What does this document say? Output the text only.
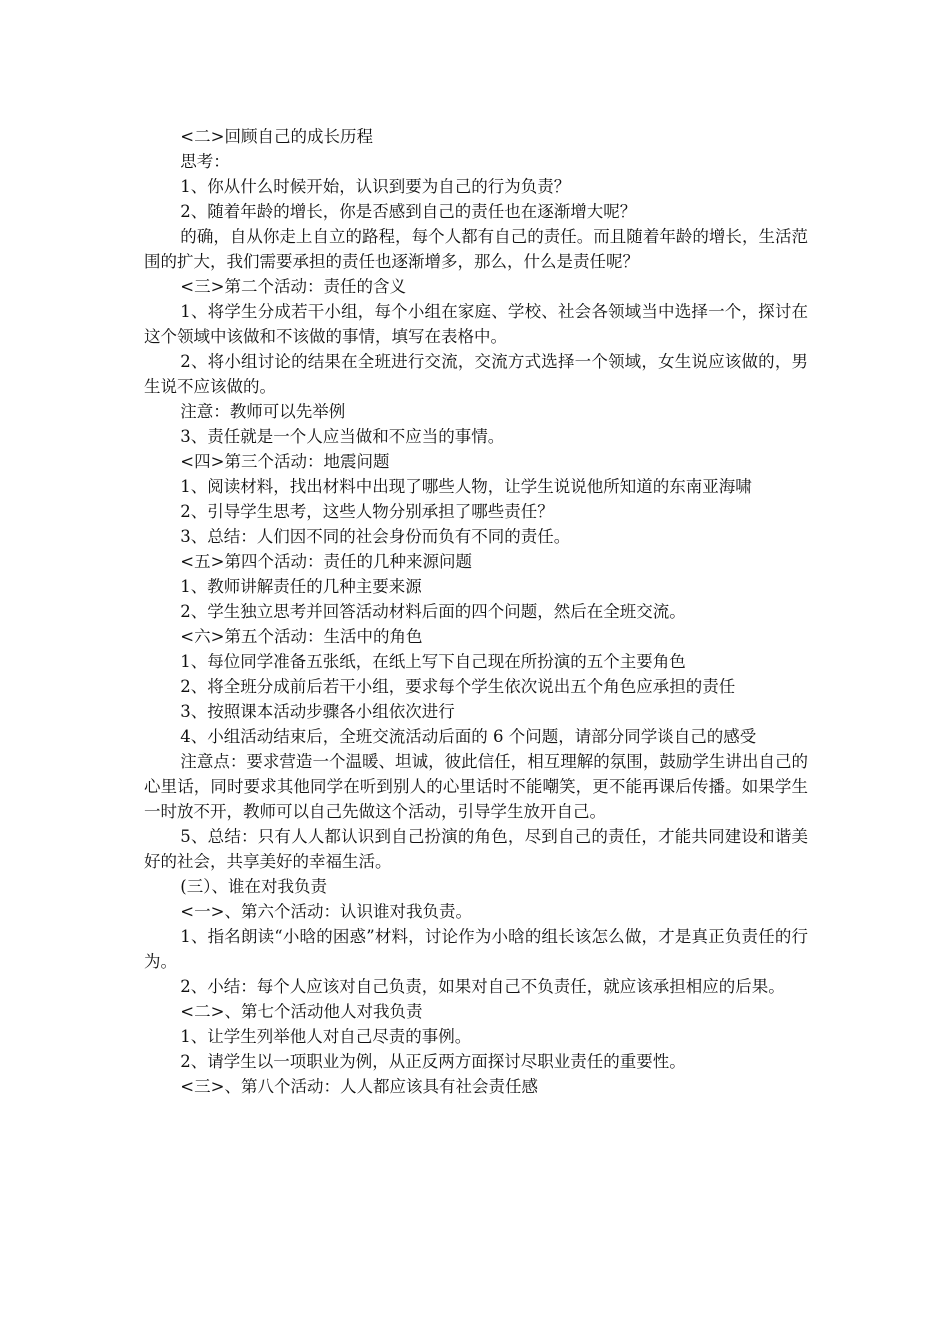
<二>回顾自己的成长历程

思考：

1、你从什么时候开始，认识到要为自己的行为负责？

2、随着年龄的增长，你是否感到自己的责任也在逐渐增大呢？

的确，自从你走上自立的路程，每个人都有自己的责任。而且随着年龄的增长，生活范围的扩大，我们需要承担的责任也逐渐增多，那么，什么是责任呢？

<三>第二个活动：责任的含义

1、将学生分成若干小组，每个小组在家庭、学校、社会各领域当中选择一个，探讨在这个领域中该做和不该做的事情，填写在表格中。

2、将小组讨论的结果在全班进行交流，交流方式选择一个领域，女生说应该做的，男生说不应该做的。

注意：教师可以先举例

3、责任就是一个人应当做和不应当的事情。

<四>第三个活动：地震问题

1、阅读材料，找出材料中出现了哪些人物，让学生说说他所知道的东南亚海啸

2、引导学生思考，这些人物分别承担了哪些责任？

3、总结：人们因不同的社会身份而负有不同的责任。

<五>第四个活动：责任的几种来源问题

1、教师讲解责任的几种主要来源

2、学生独立思考并回答活动材料后面的四个问题，然后在全班交流。

<六>第五个活动：生活中的角色

1、每位同学准备五张纸，在纸上写下自己现在所扮演的五个主要角色

2、将全班分成前后若干小组，要求每个学生依次说出五个角色应承担的责任

3、按照课本活动步骤各小组依次进行

4、小组活动结束后，全班交流活动后面的 6 个问题，请部分同学谈自己的感受

注意点：要求营造一个温暖、坦诚，彼此信任，相互理解的氛围，鼓励学生讲出自己的心里话，同时要求其他同学在听到别人的心里话时不能嘲笑，更不能再课后传播。如果学生一时放不开，教师可以自己先做这个活动，引导学生放开自己。

5、总结：只有人人都认识到自己扮演的角色，尽到自己的责任，才能共同建设和谐美好的社会，共享美好的幸福生活。

(三）、谁在对我负责

<一>、第六个活动：认识谁对我负责。

1、指名朗读“小晗的困惑”材料，讨论作为小晗的组长该怎么做，才是真正负责任的行为。

2、小结：每个人应该对自己负责，如果对自己不负责任，就应该承担相应的后果。

<二>、第七个活动他人对我负责

1、让学生列举他人对自己尽责的事例。

2、请学生以一项职业为例，从正反两方面探讨尽职业责任的重要性。

<三>、第八个活动：人人都应该具有社会责任感
